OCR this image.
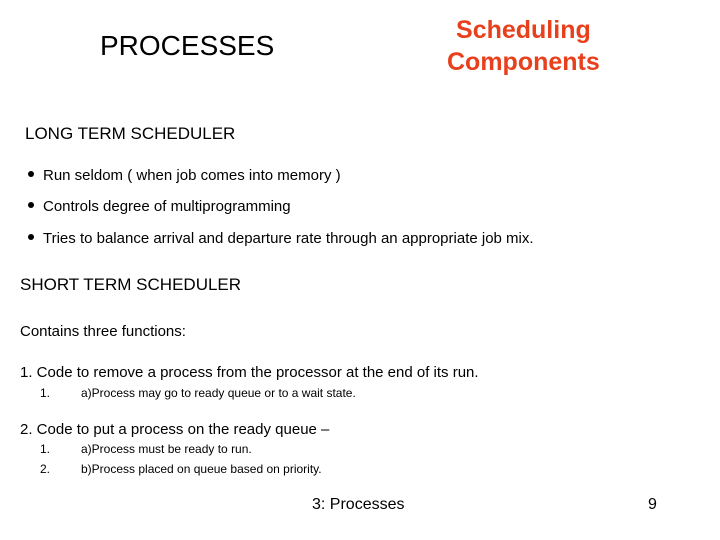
PROCESSES	Scheduling
Components
LONG TERM SCHEDULER
Run seldom ( when job comes into memory )
Controls degree of multiprogramming
Tries to balance arrival and departure rate through an appropriate job mix.
SHORT TERM SCHEDULER
Contains three functions:
1. Code to remove a process from the processor at the end of its run.
1.	a)Process may go to ready queue or to a wait state.
2. Code to put a process on the ready queue –
1.	a)Process must be ready to run.
2.	b)Process placed on queue based on priority.
3: Processes	9
